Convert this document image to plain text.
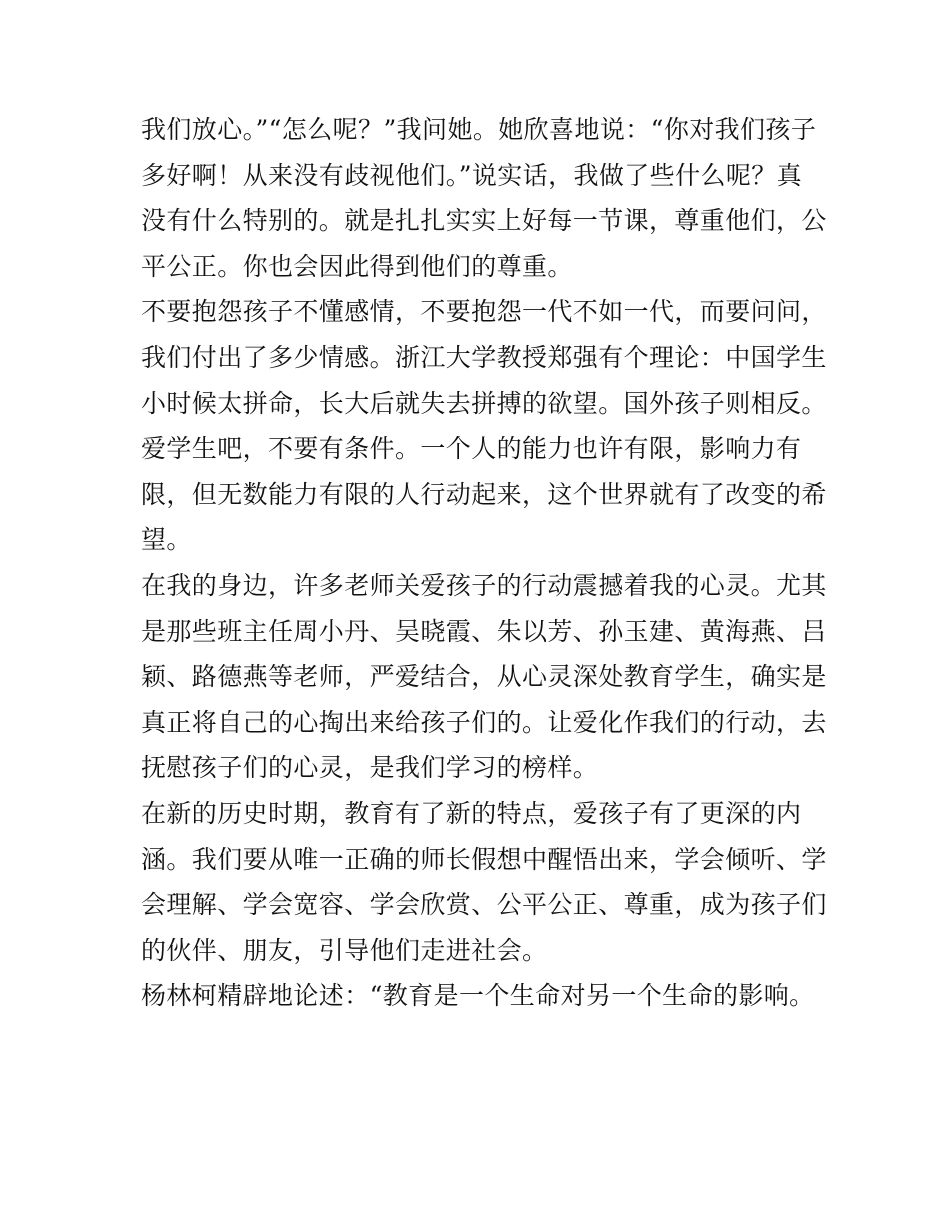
我们放心。”“怎么呢？”我问她。她欣喜地说：“你对我们孩子
多好啊！从来没有歧视他们。”说实话，我做了些什么呢？真
没有什么特别的。就是扎扎实实上好每一节课，尊重他们，公
平公正。你也会因此得到他们的尊重。
不要抱怨孩子不懂感情，不要抱怨一代不如一代，而要问问，
我们付出了多少情感。浙江大学教授郑强有个理论：中国学生
小时候太拼命，长大后就失去拼搏的欲望。国外孩子则相反。
爱学生吧，不要有条件。一个人的能力也许有限，影响力有
限，但无数能力有限的人行动起来，这个世界就有了改变的希
望。
在我的身边，许多老师关爱孩子的行动震撼着我的心灵。尤其
是那些班主任周小丹、吴晓霞、朱以芳、孙玉建、黄海燕、吕
颖、路德燕等老师，严爱结合，从心灵深处教育学生，确实是
真正将自己的心掏出来给孩子们的。让爱化作我们的行动，去
抚慰孩子们的心灵，是我们学习的榜样。
在新的历史时期，教育有了新的特点，爱孩子有了更深的内
涵。我们要从唯一正确的师长假想中醒悟出来，学会倾听、学
会理解、学会宽容、学会欣赏、公平公正、尊重，成为孩子们
的伙伴、朋友，引导他们走进社会。
杨林柯精辟地论述：“教育是一个生命对另一个生命的影响。
